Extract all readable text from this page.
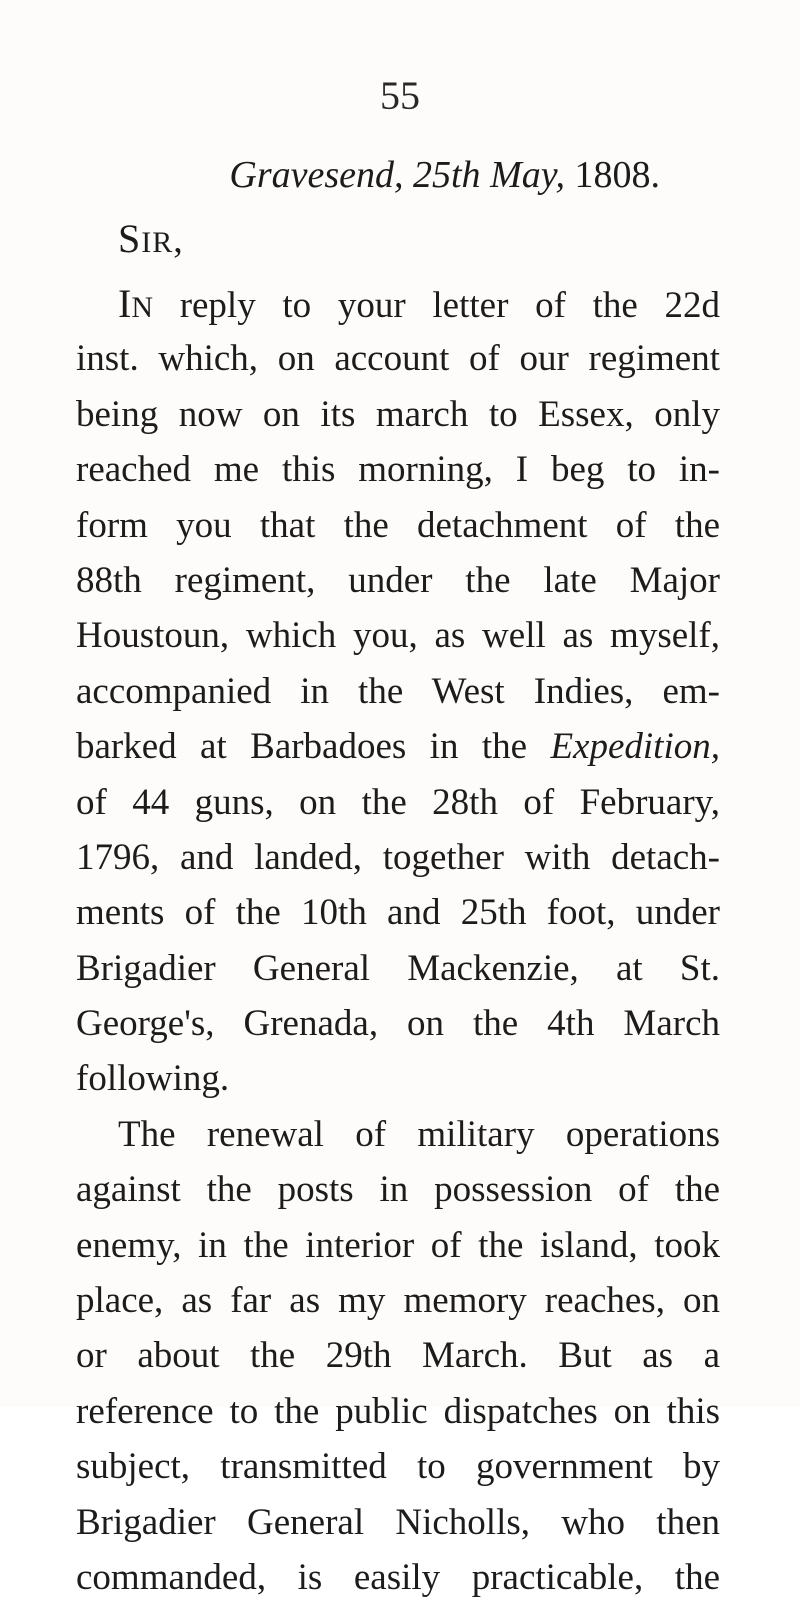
55
Gravesend, 25th May, 1808.
SIR,
IN reply to your letter of the 22d
inst. which, on account of our regiment
being now on its march to Essex, only
reached me this morning, I beg to in-
form you that the detachment of the
88th regiment, under the late Major
Houstoun, which you, as well as myself,
accompanied in the West Indies, em-
barked at Barbadoes in the Expedition,
of 44 guns, on the 28th of February,
1796, and landed, together with detach-
ments of the 10th and 25th foot, under
Brigadier General Mackenzie, at St.
George's, Grenada, on the 4th March
following.
The renewal of military operations
against the posts in possession of the
enemy, in the interior of the island, took
place, as far as my memory reaches, on
or about the 29th March. But as a
reference to the public dispatches on this
subject, transmitted to government by
Brigadier General Nicholls, who then
commanded, is easily practicable, the
